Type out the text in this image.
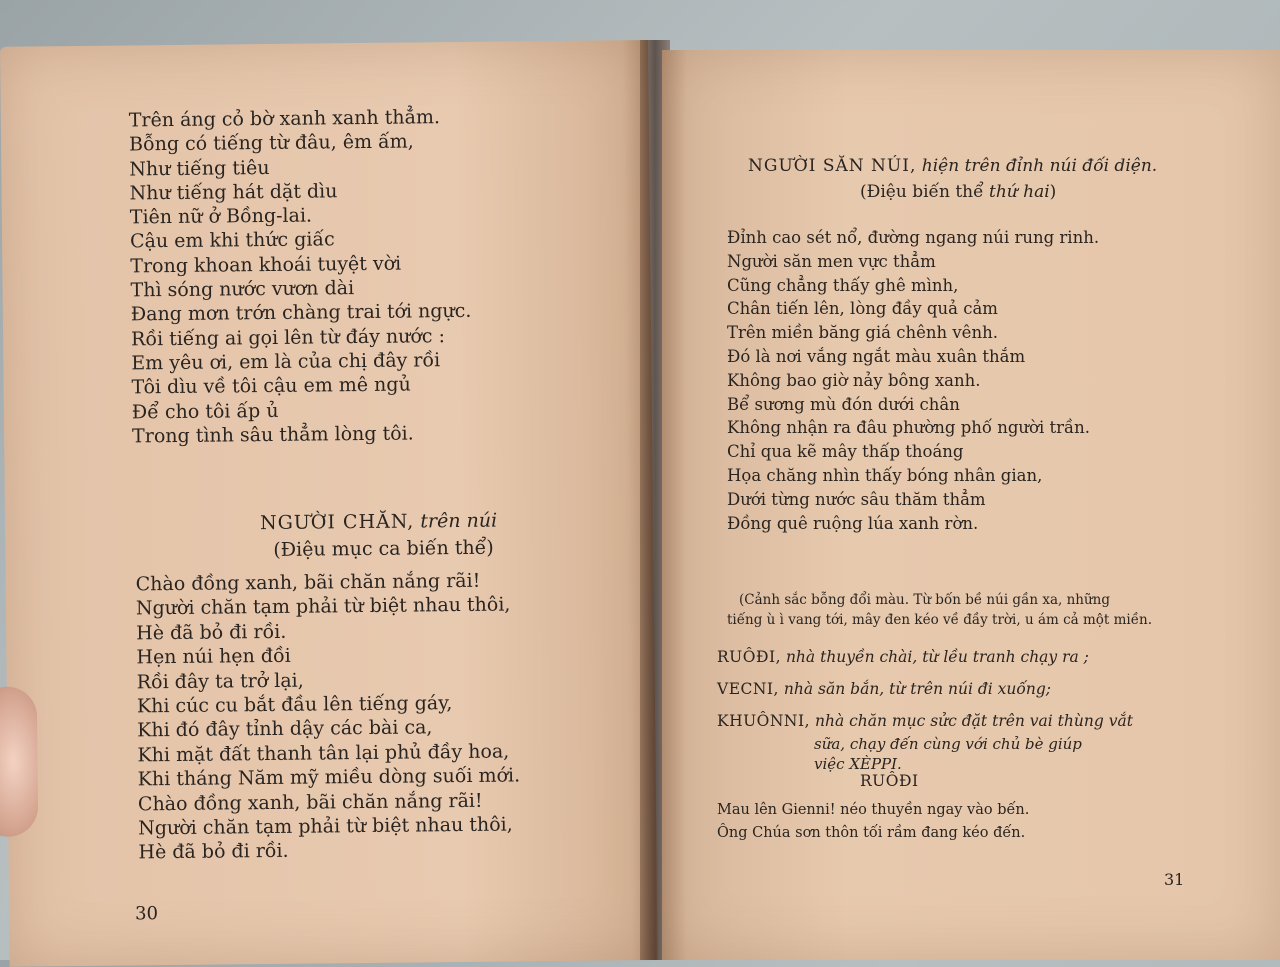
Trên áng cỏ bờ xanh xanh thẳm.
Bỗng có tiếng từ đâu, êm ấm,
Như tiếng tiêu
Như tiếng hát dặt dìu
Tiên nữ ở Bồng-lai.
Cậu em khi thức giấc
Trong khoan khoái tuyệt vời
Thì sóng nước vươn dài
Đang mơn trớn chàng trai tới ngực.
Rồi tiếng ai gọi lên từ đáy nước :
Em yêu ơi, em là của chị đây rồi
Tôi dìu về tôi cậu em mê ngủ
Để cho tôi ấp ủ
Trong tình sâu thẳm lòng tôi.
NGƯỜI CHĂN, trên núi
(Điệu mục ca biến thể)
Chào đồng xanh, bãi chăn nắng rãi!
Người chăn tạm phải từ biệt nhau thôi,
Hè đã bỏ đi rồi.
Hẹn núi hẹn đồi
Rồi đây ta trở lại,
Khi cúc cu bắt đầu lên tiếng gáy,
Khi đó đây tỉnh dậy các bài ca,
Khi mặt đất thanh tân lại phủ đầy hoa,
Khi tháng Năm mỹ miều dòng suối mới.
Chào đồng xanh, bãi chăn nắng rãi!
Người chăn tạm phải từ biệt nhau thôi,
Hè đã bỏ đi rồi.
30
NGƯỜI SĂN NÚI, hiện trên đỉnh núi đối diện.
(Điệu biến thể thứ hai)
Đỉnh cao sét nổ, đường ngang núi rung rinh.
Người săn men vực thẳm
Cũng chẳng thấy ghê mình,
Chân tiến lên, lòng đầy quả cảm
Trên miền băng giá chênh vênh.
Đó là nơi vắng ngắt màu xuân thắm
Không bao giờ nảy bông xanh.
Bể sương mù đón dưới chân
Không nhận ra đâu phường phố người trần.
Chỉ qua kẽ mây thấp thoáng
Họa chăng nhìn thấy bóng nhân gian,
Dưới từng nước sâu thăm thẳm
Đồng quê ruộng lúa xanh rờn.
(Cảnh sắc bỗng đổi màu. Từ bốn bề núi gần xa, những
tiếng ù ì vang tới, mây đen kéo về đầy trời, u ám cả một miền.
RUÔĐI, nhà thuyền chài, từ lều tranh chạy ra ;
VECNI, nhà săn bắn, từ trên núi đi xuống;
KHUÔNNI, nhà chăn mục sửc đặt trên vai thùng vắt
sữa, chạy đến cùng với chủ bè giúp
việc XÈPPI.
RUÔĐI
Mau lên Gienni! néo thuyền ngay vào bến.
Ông Chúa sơn thôn tối rầm đang kéo đến.
31
